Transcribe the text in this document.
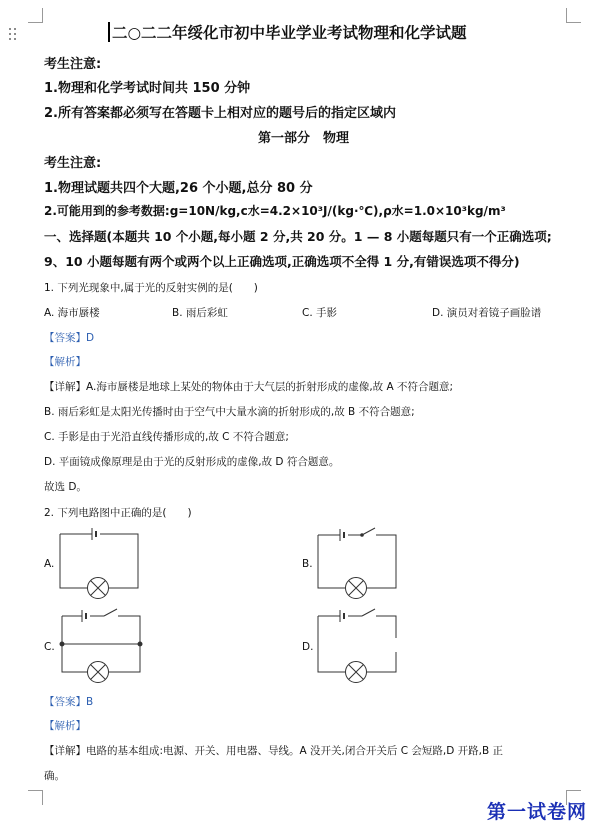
二○二二年绥化市初中毕业学业考试物理和化学试题
考生注意:
1.物理和化学考试时间共 150 分钟
2.所有答案都必须写在答题卡上相对应的题号后的指定区域内
第一部分　物理
考生注意:
1.物理试题共四个大题,26 个小题,总分 80 分
2.可能用到的参考数据:g=10N/kg,c水=4.2×10³J/(kg·℃),ρ水=1.0×10³kg/m³
一、选择题(本题共 10 个小题,每小题 2 分,共 20 分。1 — 8 小题每题只有一个正确选项;
9、10 小题每题有两个或两个以上正确选项,正确选项不全得 1 分,有错误选项不得分)
1. 下列光现象中,属于光的反射实例的是(　　)
A. 海市蜃楼	B. 雨后彩虹	C. 手影	D. 演员对着镜子画脸谱
【答案】D
【解析】
【详解】A.海市蜃楼是地球上某处的物体由于大气层的折射形成的虚像,故 A 不符合题意;
B. 雨后彩虹是太阳光传播时由于空气中大量水滴的折射形成的,故 B 不符合题意;
C. 手影是由于光沿直线传播形成的,故 C 不符合题意;
D. 平面镜成像原理是由于光的反射形成的虚像,故 D 符合题意。
故选 D。
2. 下列电路图中正确的是(　　)
A.	B.
C.	D.
【答案】B
【解析】
【详解】电路的基本组成:电源、开关、用电器、导线。A 没开关,闭合开关后 C 会短路,D 开路,B 正
确。
第一试卷网
